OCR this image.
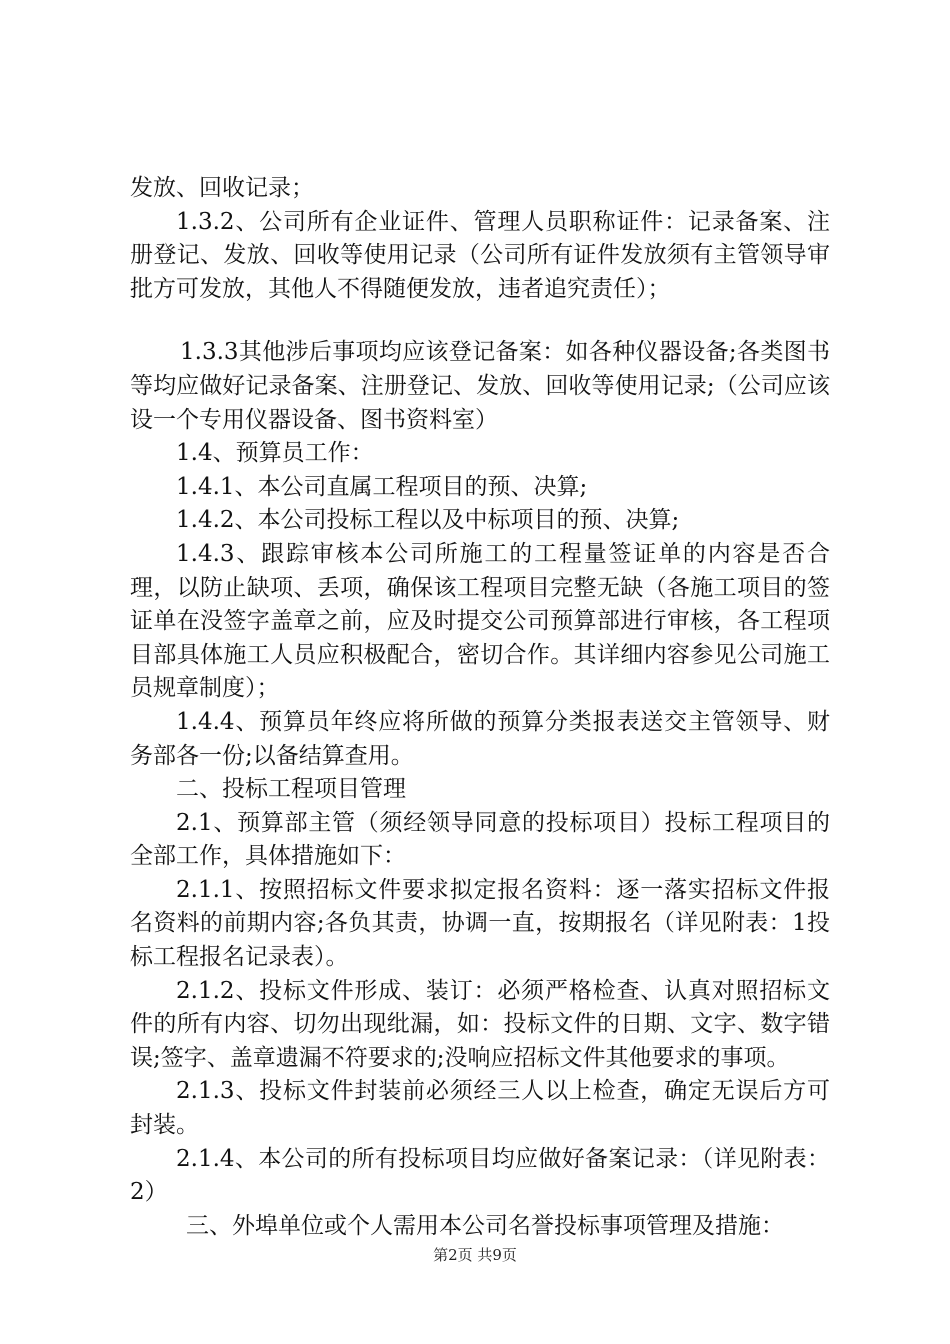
发放、回收记录；

1.3.2、公司所有企业证件、管理人员职称证件：记录备案、注册登记、发放、回收等使用记录（公司所有证件发放须有主管领导审批方可发放，其他人不得随便发放，违者追究责任）；

1.3.3其他涉后事项均应该登记备案：如各种仪器设备;各类图书等均应做好记录备案、注册登记、发放、回收等使用记录;（公司应该设一个专用仪器设备、图书资料室）

1.4、预算员工作：

1.4.1、本公司直属工程项目的预、决算;

1.4.2、本公司投标工程以及中标项目的预、决算;

1.4.3、跟踪审核本公司所施工的工程量签证单的内容是否合理，以防止缺项、丢项，确保该工程项目完整无缺（各施工项目的签证单在没签字盖章之前，应及时提交公司预算部进行审核，各工程项目部具体施工人员应积极配合，密切合作。其详细内容参见公司施工员规章制度）；

1.4.4、预算员年终应将所做的预算分类报表送交主管领导、财务部各一份;以备结算查用。

二、投标工程项目管理

2.1、预算部主管（须经领导同意的投标项目）投标工程项目的全部工作，具体措施如下：

2.1.1、按照招标文件要求拟定报名资料：逐一落实招标文件报名资料的前期内容;各负其责，协调一直，按期报名（详见附表：1投标工程报名记录表）。

2.1.2、投标文件形成、装订：必须严格检查、认真对照招标文件的所有内容、切勿出现纰漏，如：投标文件的日期、文字、数字错误;签字、盖章遗漏不符要求的;没响应招标文件其他要求的事项。

2.1.3、投标文件封装前必须经三人以上检查，确定无误后方可封装。

2.1.4、本公司的所有投标项目均应做好备案记录：（详见附表：2）

三、外埠单位或个人需用本公司名誉投标事项管理及措施：

第2页 共9页
